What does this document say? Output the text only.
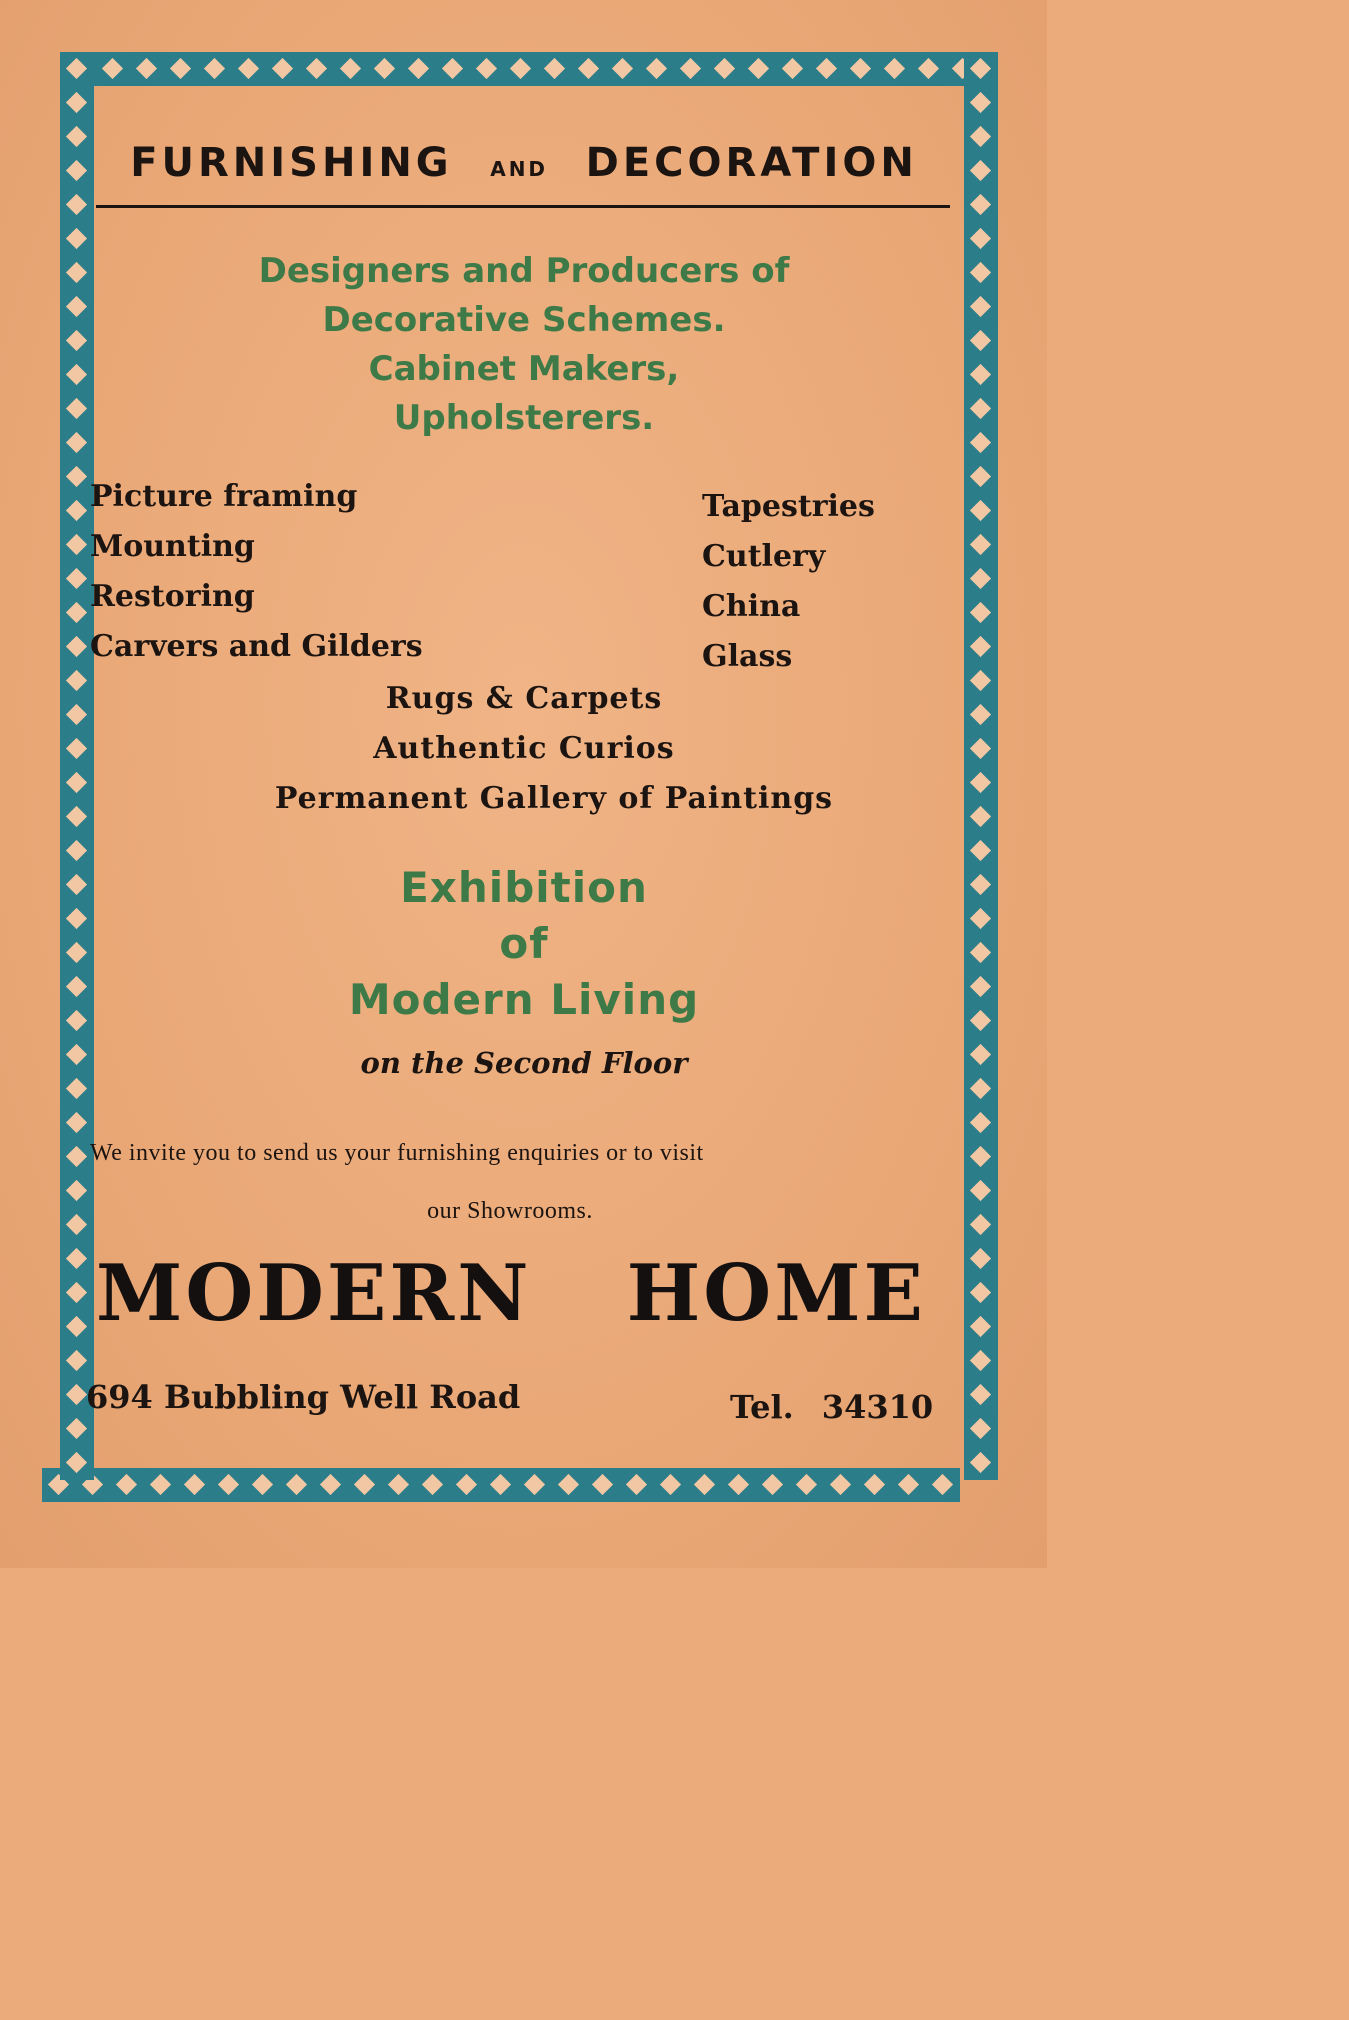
FURNISHING AND DECORATION
Designers and Producers of
Decorative Schemes.
Cabinet Makers,
Upholsterers.
Picture framing
Mounting
Restoring
Carvers and Gilders
Tapestries
Cutlery
China
Glass
Rugs & Carpets
Authentic Curios
Permanent Gallery of Paintings
Exhibition
of
Modern Living
on the Second Floor
We invite you to send us your furnishing enquiries or to visit
our Showrooms.
MODERN HOME
694 Bubbling Well Road	Tel. 34310
